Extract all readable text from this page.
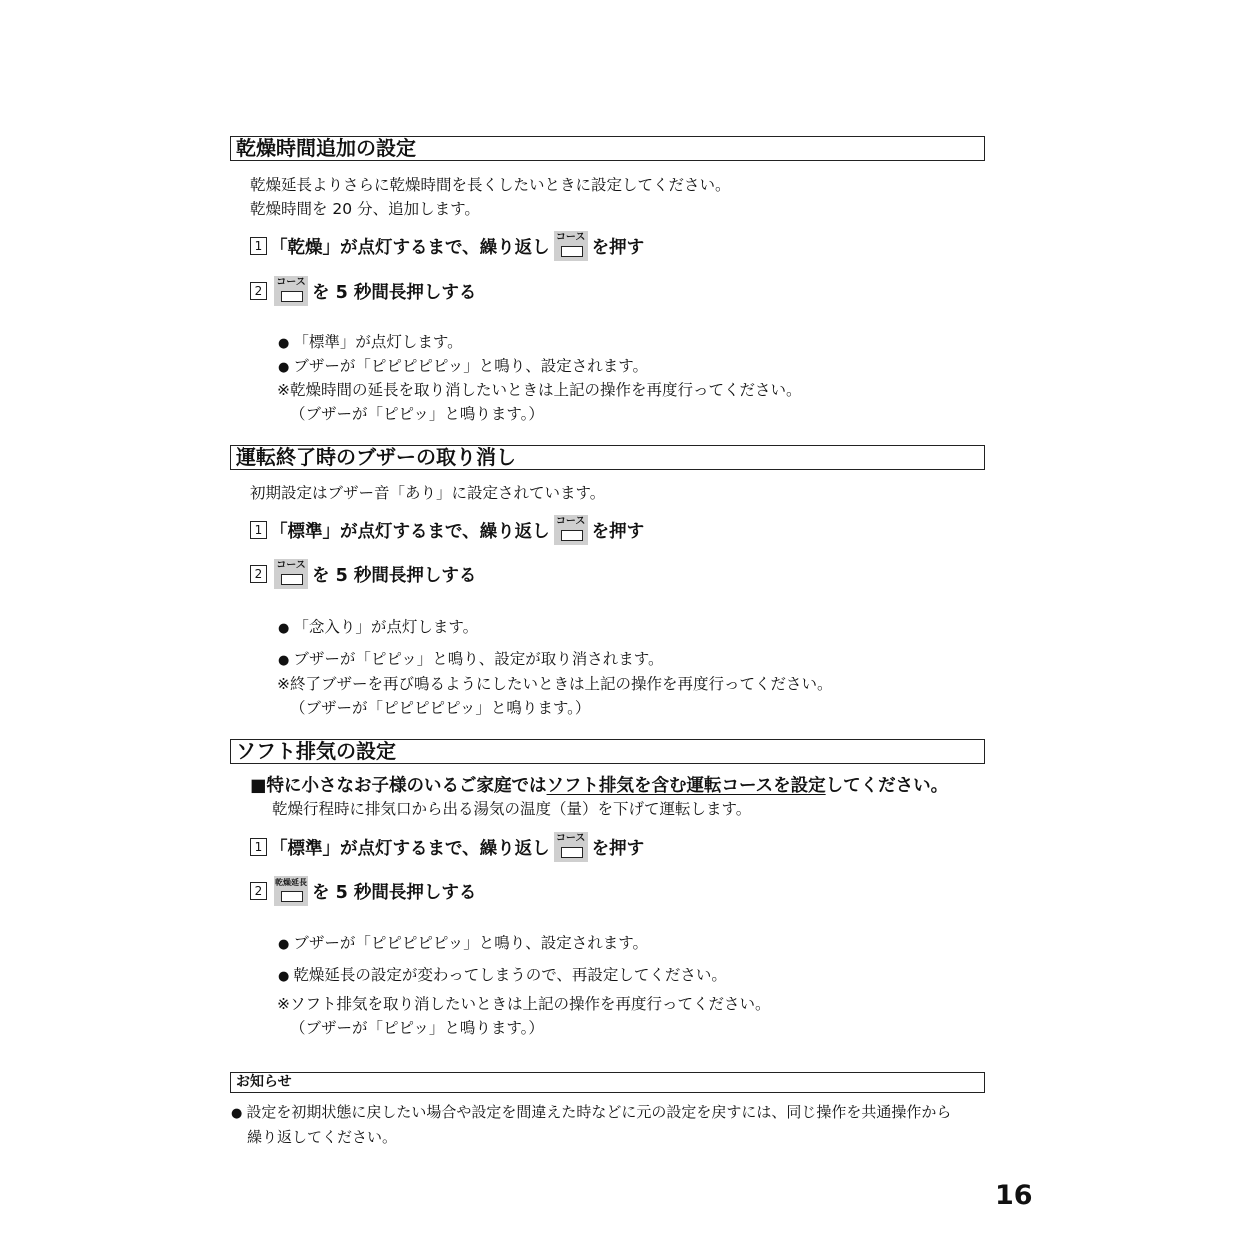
乾燥時間追加の設定
乾燥延長よりさらに乾燥時間を長くしたいときに設定してください。
乾燥時間を 20 分、追加します。
1 「乾燥」が点灯するまで、繰り返し コース を押す
2
コース を 5 秒間長押しする
● 「標準」が点灯します。
● ブザーが「ピピピピピッ」と鳴り、設定されます。
※乾燥時間の延長を取り消したいときは上記の操作を再度行ってください。
（ブザーが「ピピッ」と鳴ります。）
運転終了時のブザーの取り消し
初期設定はブザー音「あり」に設定されています。
1 「標準」が点灯するまで、繰り返し コース を押す
2
コース を 5 秒間長押しする
● 「念入り」が点灯します。
● ブザーが「ピピッ」と鳴り、設定が取り消されます。
※終了ブザーを再び鳴るようにしたいときは上記の操作を再度行ってください。
（ブザーが「ピピピピピッ」と鳴ります。）
ソフト排気の設定
■特に小さなお子様のいるご家庭ではソフト排気を含む運転コースを設定してください。
乾燥行程時に排気口から出る湯気の温度（量）を下げて運転します。
1 「標準」が点灯するまで、繰り返し コース を押す
2
乾燥延長 を 5 秒間長押しする
● ブザーが「ピピピピピッ」と鳴り、設定されます。
● 乾燥延長の設定が変わってしまうので、再設定してください。
※ソフト排気を取り消したいときは上記の操作を再度行ってください。
（ブザーが「ピピッ」と鳴ります。）
お知らせ
● 設定を初期状態に戻したい場合や設定を間違えた時などに元の設定を戻すには、同じ操作を共通操作から
繰り返してください。
16
